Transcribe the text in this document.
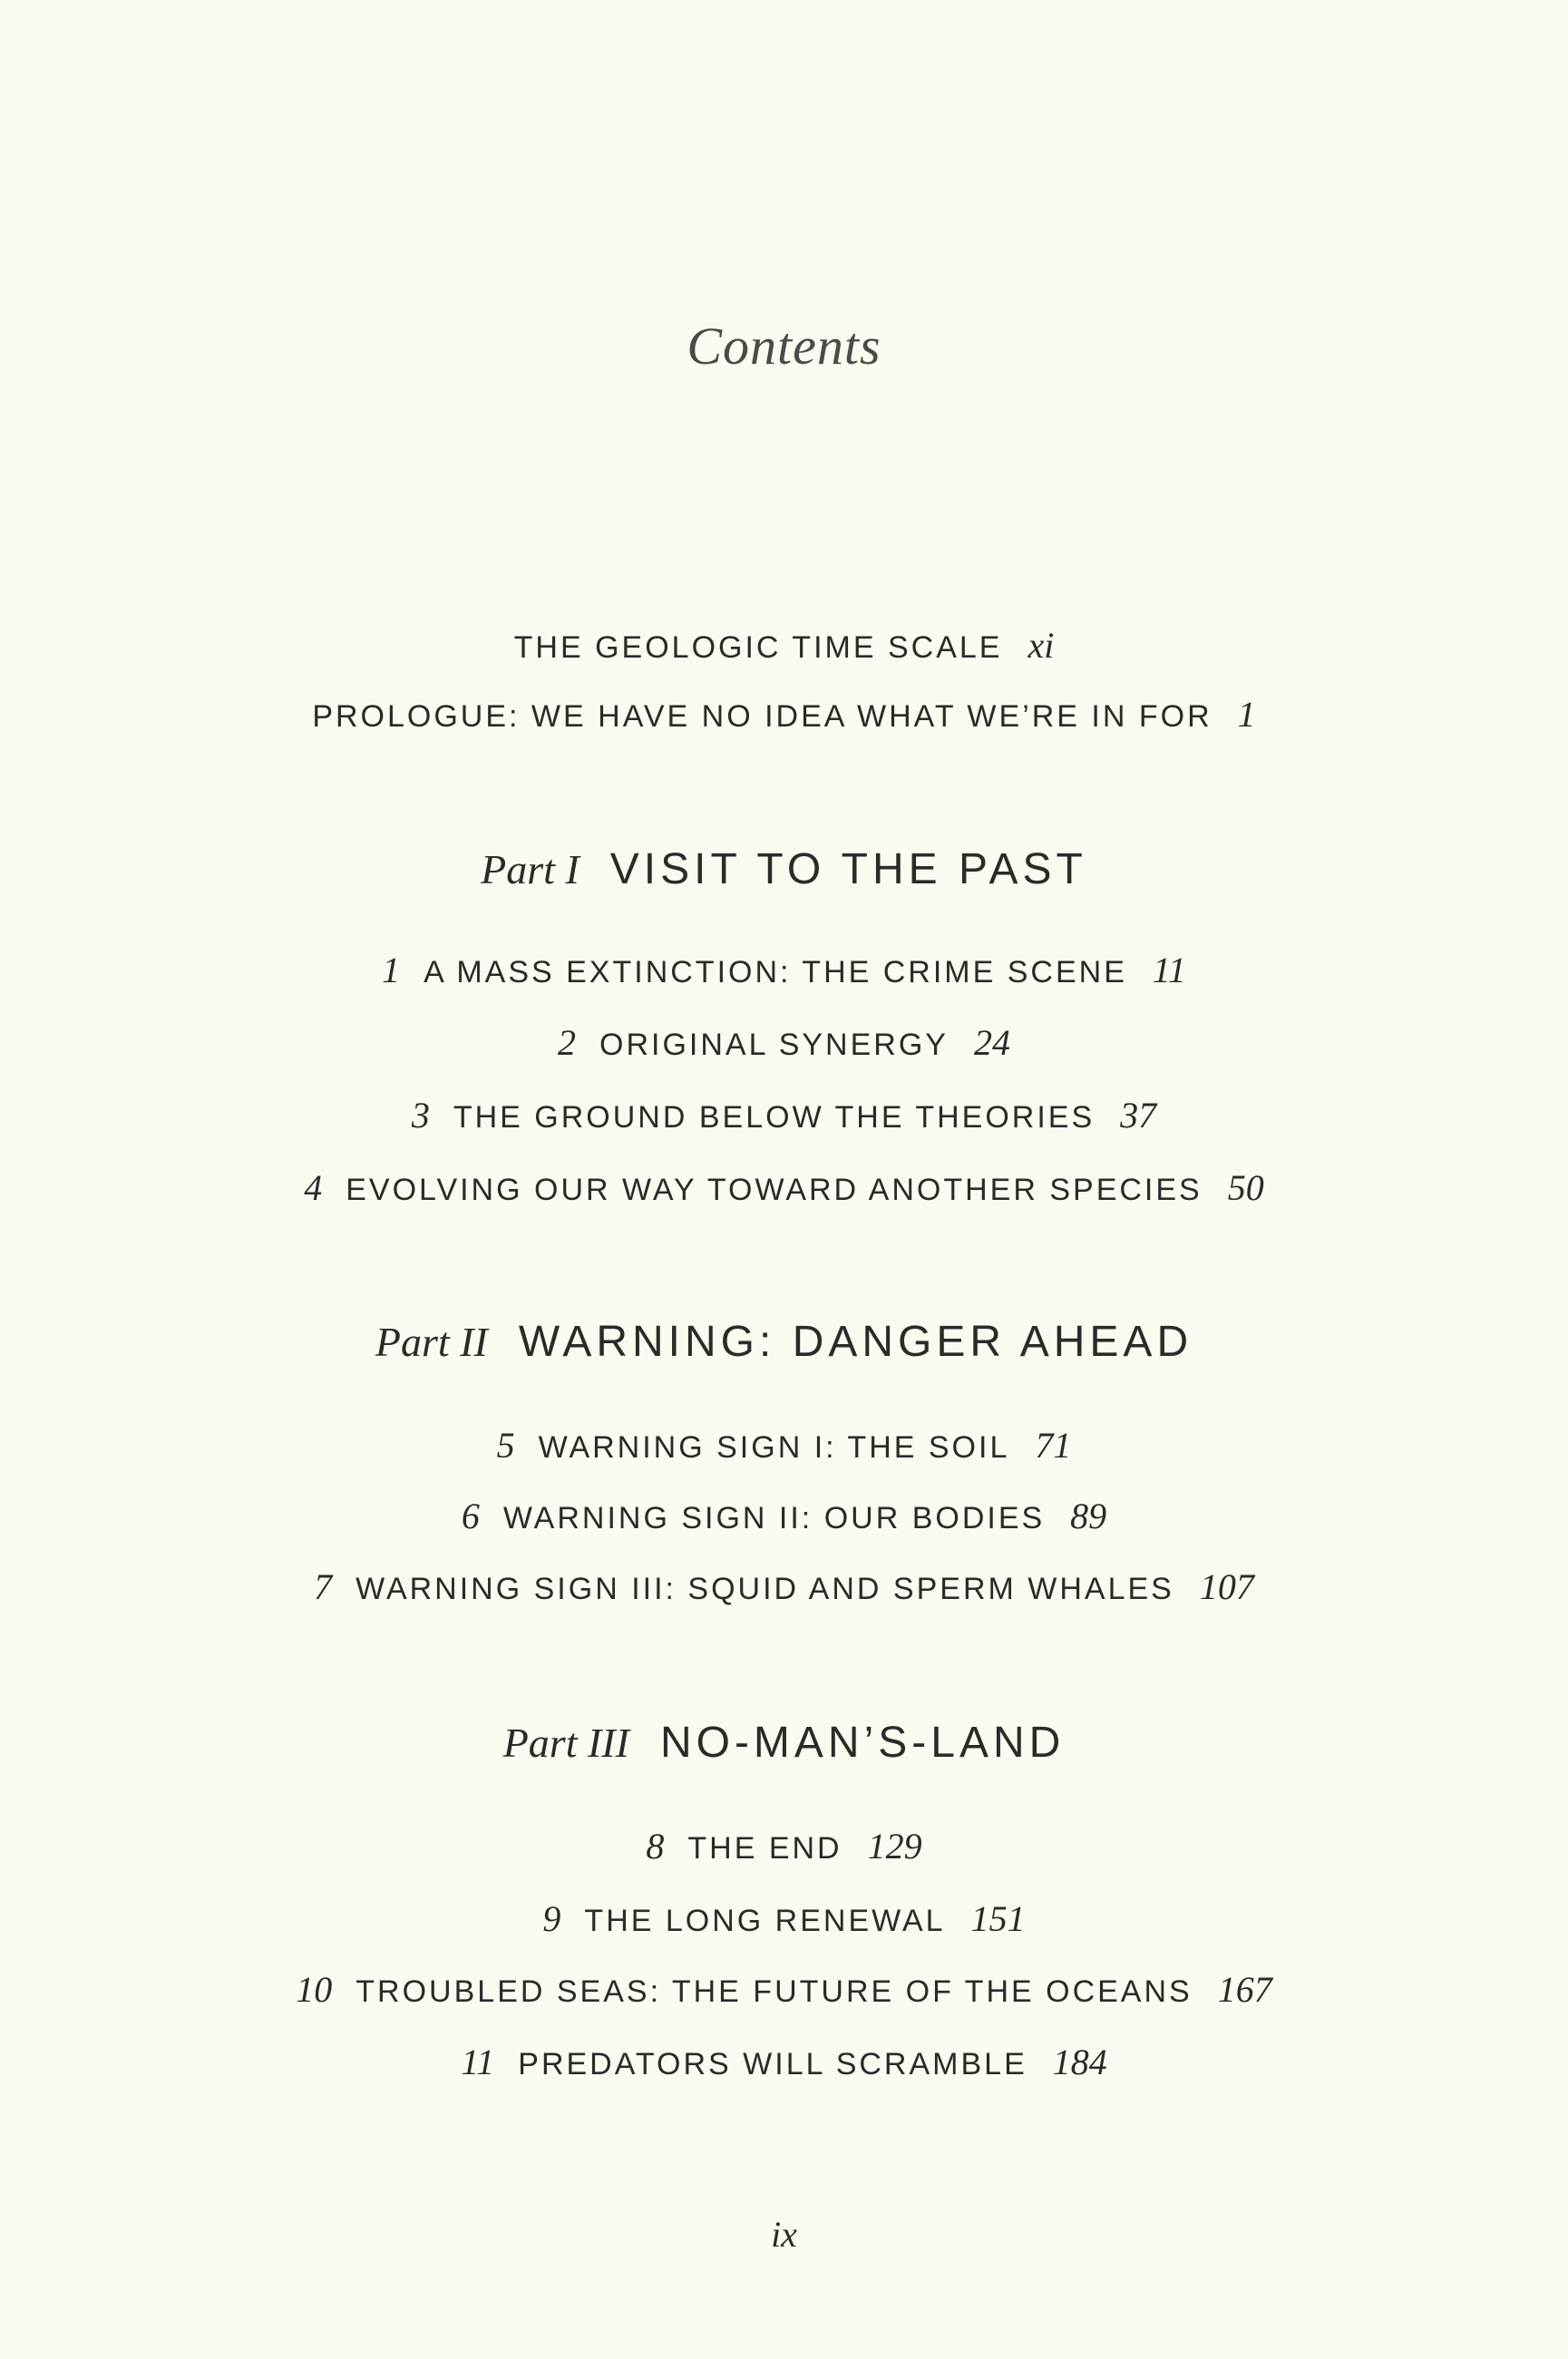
Contents
THE GEOLOGIC TIME SCALE xi
PROLOGUE: WE HAVE NO IDEA WHAT WE’RE IN FOR 1
Part I VISIT TO THE PAST
1 A MASS EXTINCTION: THE CRIME SCENE 11
2 ORIGINAL SYNERGY 24
3 THE GROUND BELOW THE THEORIES 37
4 EVOLVING OUR WAY TOWARD ANOTHER SPECIES 50
Part II WARNING: DANGER AHEAD
5 WARNING SIGN I: THE SOIL 71
6 WARNING SIGN II: OUR BODIES 89
7 WARNING SIGN III: SQUID AND SPERM WHALES 107
Part III NO-MAN’S-LAND
8 THE END 129
9 THE LONG RENEWAL 151
10 TROUBLED SEAS: THE FUTURE OF THE OCEANS 167
11 PREDATORS WILL SCRAMBLE 184
ix
